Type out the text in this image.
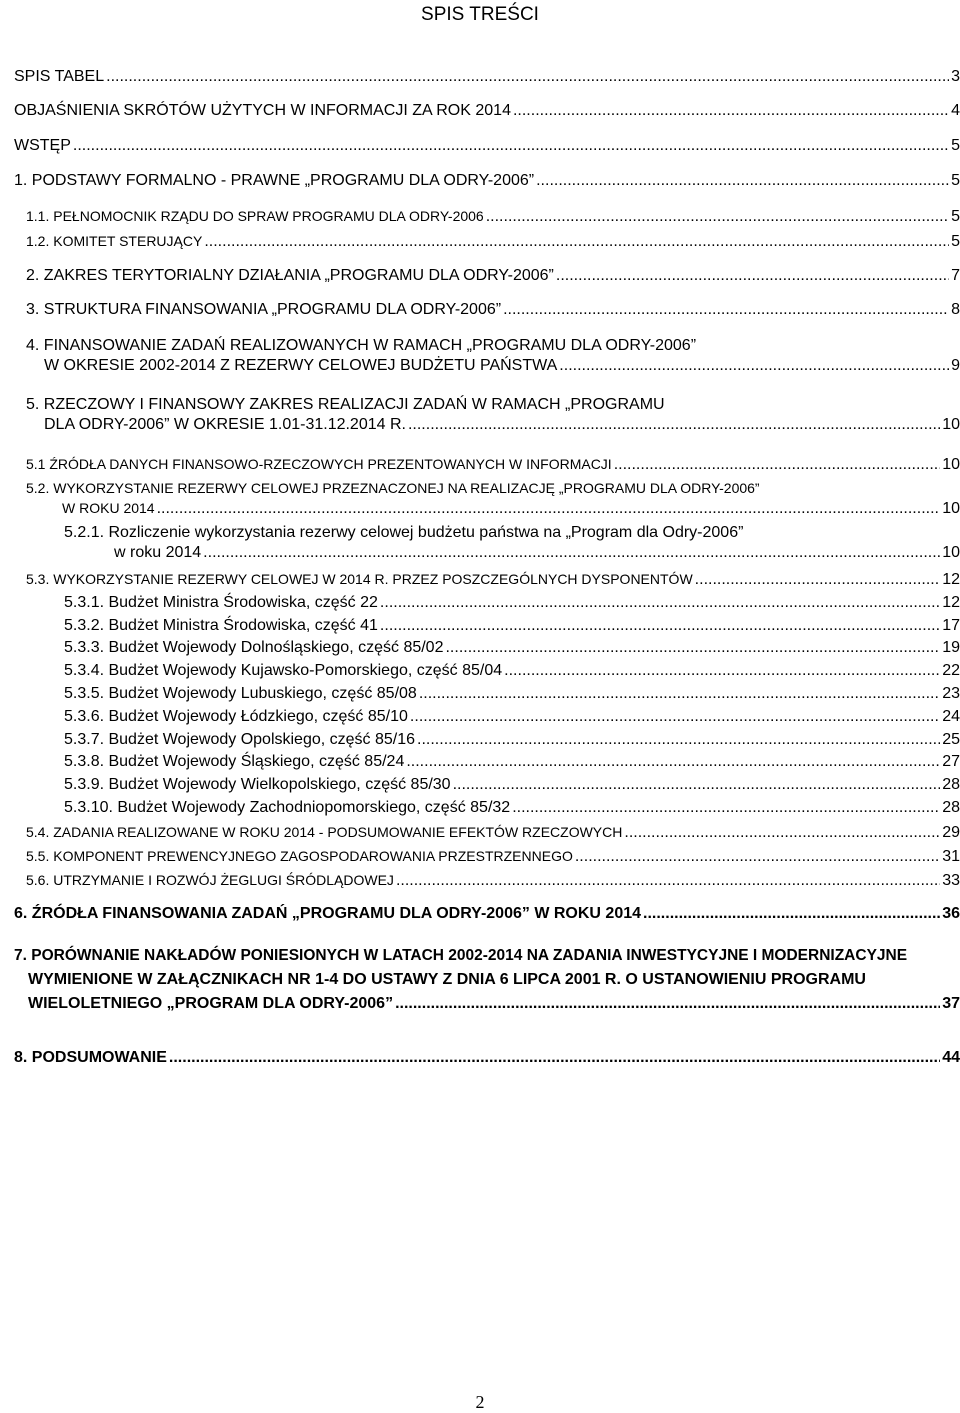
SPIS TREŚCI
SPIS TABEL .....	3
OBJAŚNIENIA SKRÓTÓW UŻYTYCH W INFORMACJI ZA ROK 2014 .....	4
WSTĘP .....	5
1. PODSTAWY FORMALNO - PRAWNE „PROGRAMU DLA ODRY-2006” .....	5
1.1. PEŁNOMOCNIK RZĄDU DO SPRAW PROGRAMU DLA ODRY-2006 .....	5
1.2. KOMITET STERUJĄCY .....	5
2. ZAKRES TERYTORIALNY DZIAŁANIA „PROGRAMU DLA ODRY-2006” .....	7
3. STRUKTURA FINANSOWANIA „PROGRAMU DLA ODRY-2006” .....	8
4. FINANSOWANIE ZADAŃ REALIZOWANYCH W RAMACH „PROGRAMU DLA ODRY-2006”
W OKRESIE 2002-2014 Z REZERWY CELOWEJ BUDŻETU PAŃSTWA .....	9
5. RZECZOWY I FINANSOWY ZAKRES REALIZACJI ZADAŃ W RAMACH „PROGRAMU
DLA ODRY-2006” W OKRESIE 1.01-31.12.2014 R. .....	10
5.1 ŹRÓDŁA DANYCH FINANSOWO-RZECZOWYCH PREZENTOWANYCH W INFORMACJI .....	10
5.2. WYKORZYSTANIE REZERWY CELOWEJ PRZEZNACZONEJ NA REALIZACJĘ „PROGRAMU DLA ODRY-2006”
W ROKU 2014 .....	10
5.2.1. Rozliczenie wykorzystania rezerwy celowej budżetu państwa na „Program dla Odry-2006”
w roku 2014 .....	10
5.3. WYKORZYSTANIE REZERWY CELOWEJ W 2014 R. PRZEZ POSZCZEGÓLNYCH DYSPONENTÓW .....	12
5.3.1. Budżet Ministra Środowiska, część 22 .....	12
5.3.2. Budżet Ministra Środowiska, część 41 .....	17
5.3.3. Budżet Wojewody Dolnośląskiego, część 85/02 .....	19
5.3.4. Budżet Wojewody Kujawsko-Pomorskiego, część 85/04 .....	22
5.3.5. Budżet Wojewody Lubuskiego, część 85/08 .....	23
5.3.6. Budżet Wojewody Łódzkiego, część 85/10 .....	24
5.3.7. Budżet Wojewody Opolskiego, część 85/16 .....	25
5.3.8. Budżet Wojewody Śląskiego, część 85/24 .....	27
5.3.9. Budżet Wojewody Wielkopolskiego, część 85/30 .....	28
5.3.10. Budżet Wojewody Zachodniopomorskiego, część 85/32 .....	28
5.4. ZADANIA REALIZOWANE W ROKU 2014 - PODSUMOWANIE EFEKTÓW RZECZOWYCH .....	29
5.5. KOMPONENT PREWENCYJNEGO ZAGOSPODAROWANIA PRZESTRZENNEGO .....	31
5.6. UTRZYMANIE I ROZWÓJ ŻEGLUGI ŚRÓDLĄDOWEJ .....	33
6. ŹRÓDŁA FINANSOWANIA ZADAŃ „PROGRAMU DLA ODRY-2006” W ROKU 2014 .....	36
7. PORÓWNANIE NAKŁADÓW PONIESIONYCH W LATACH 2002-2014 NA ZADANIA INWESTYCYJNE I MODERNIZACYJNE
WYMIENIONE W ZAŁĄCZNIKACH NR 1-4 DO USTAWY Z DNIA 6 LIPCA 2001 R. O USTANOWIENIU PROGRAMU
WIELOLETNIEGO „PROGRAM DLA ODRY-2006” .....	37
8. PODSUMOWANIE .....	44
2
